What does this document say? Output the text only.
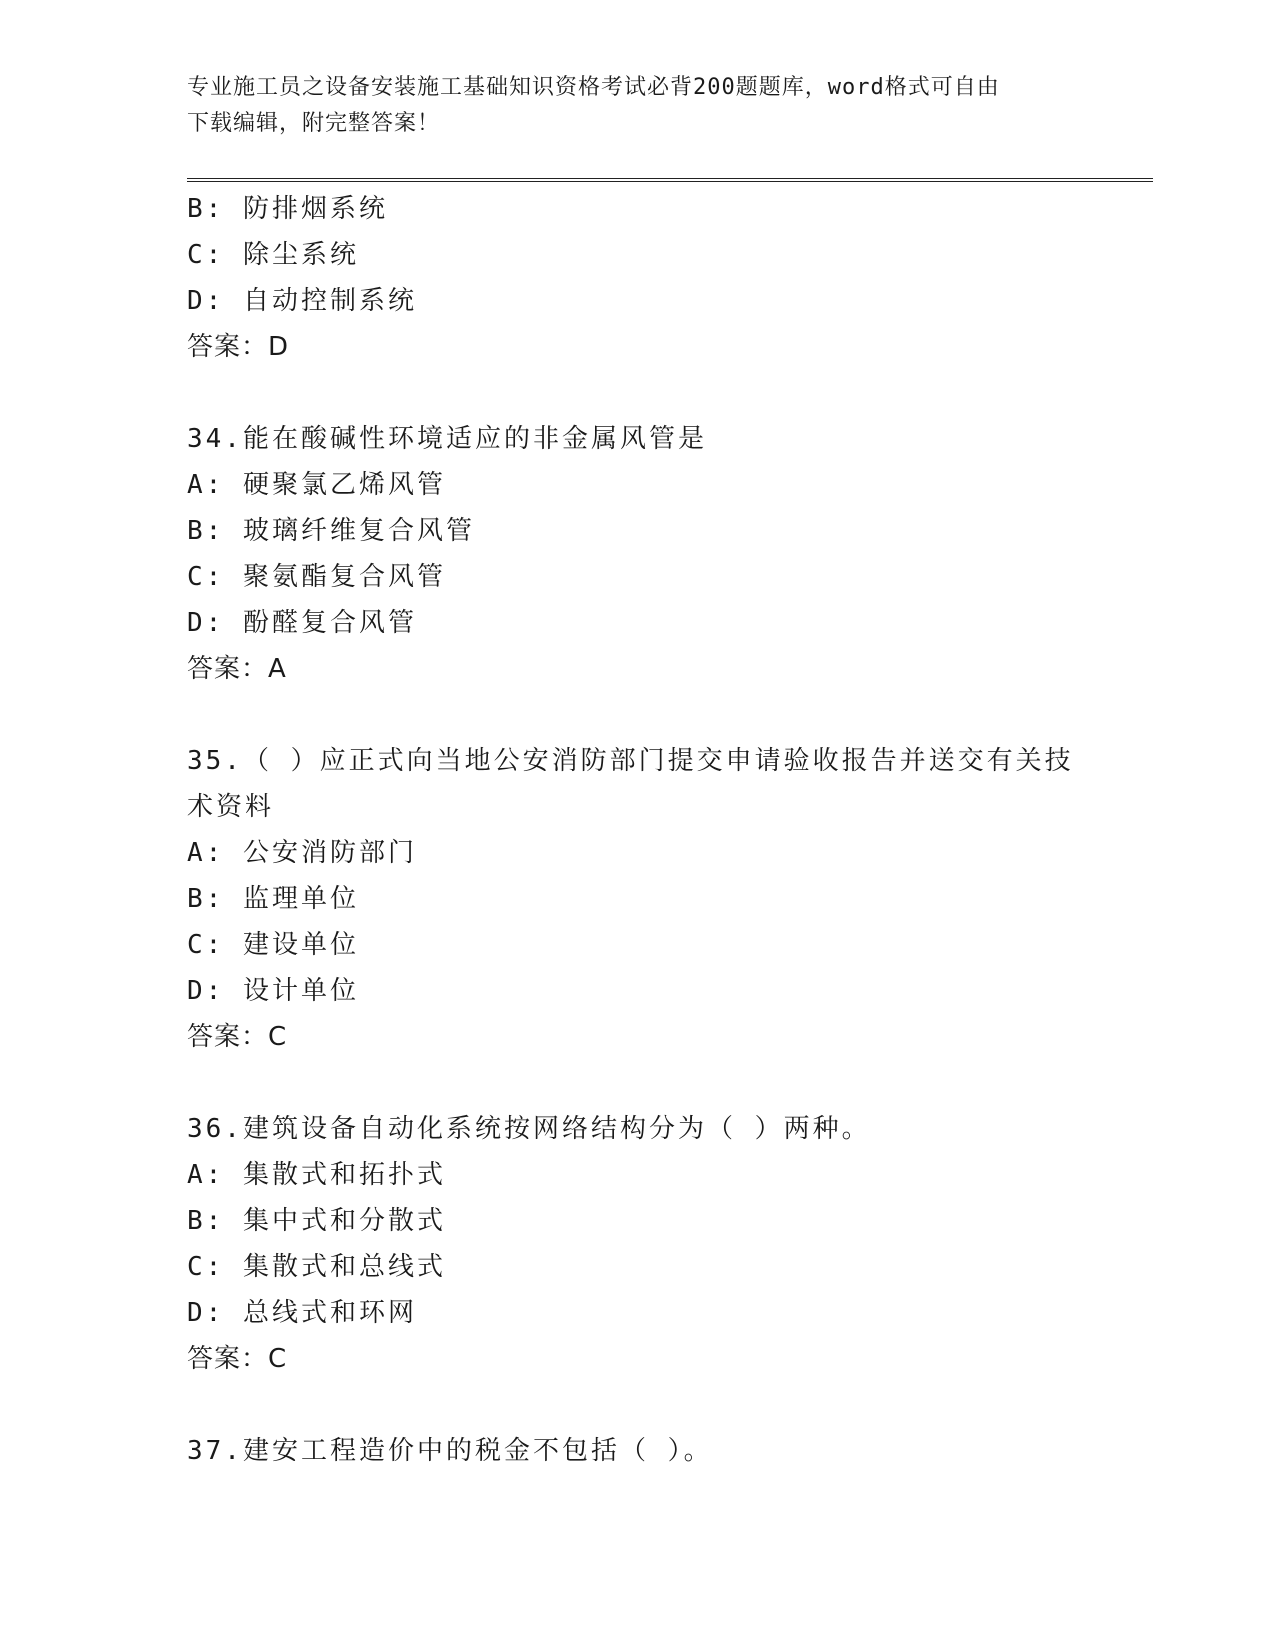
专业施工员之设备安装施工基础知识资格考试必背200题题库，word格式可自由
下载编辑，附完整答案！
B: 防排烟系统
C: 除尘系统
D: 自动控制系统
答案：D
34.能在酸碱性环境适应的非金属风管是
A: 硬聚氯乙烯风管
B: 玻璃纤维复合风管
C: 聚氨酯复合风管
D: 酚醛复合风管
答案：A
35.（ ）应正式向当地公安消防部门提交申请验收报告并送交有关技
术资料
A: 公安消防部门
B: 监理单位
C: 建设单位
D: 设计单位
答案：C
36.建筑设备自动化系统按网络结构分为（ ）两种。
A: 集散式和拓扑式
B: 集中式和分散式
C: 集散式和总线式
D: 总线式和环网
答案：C
37.建安工程造价中的税金不包括（ ）。
